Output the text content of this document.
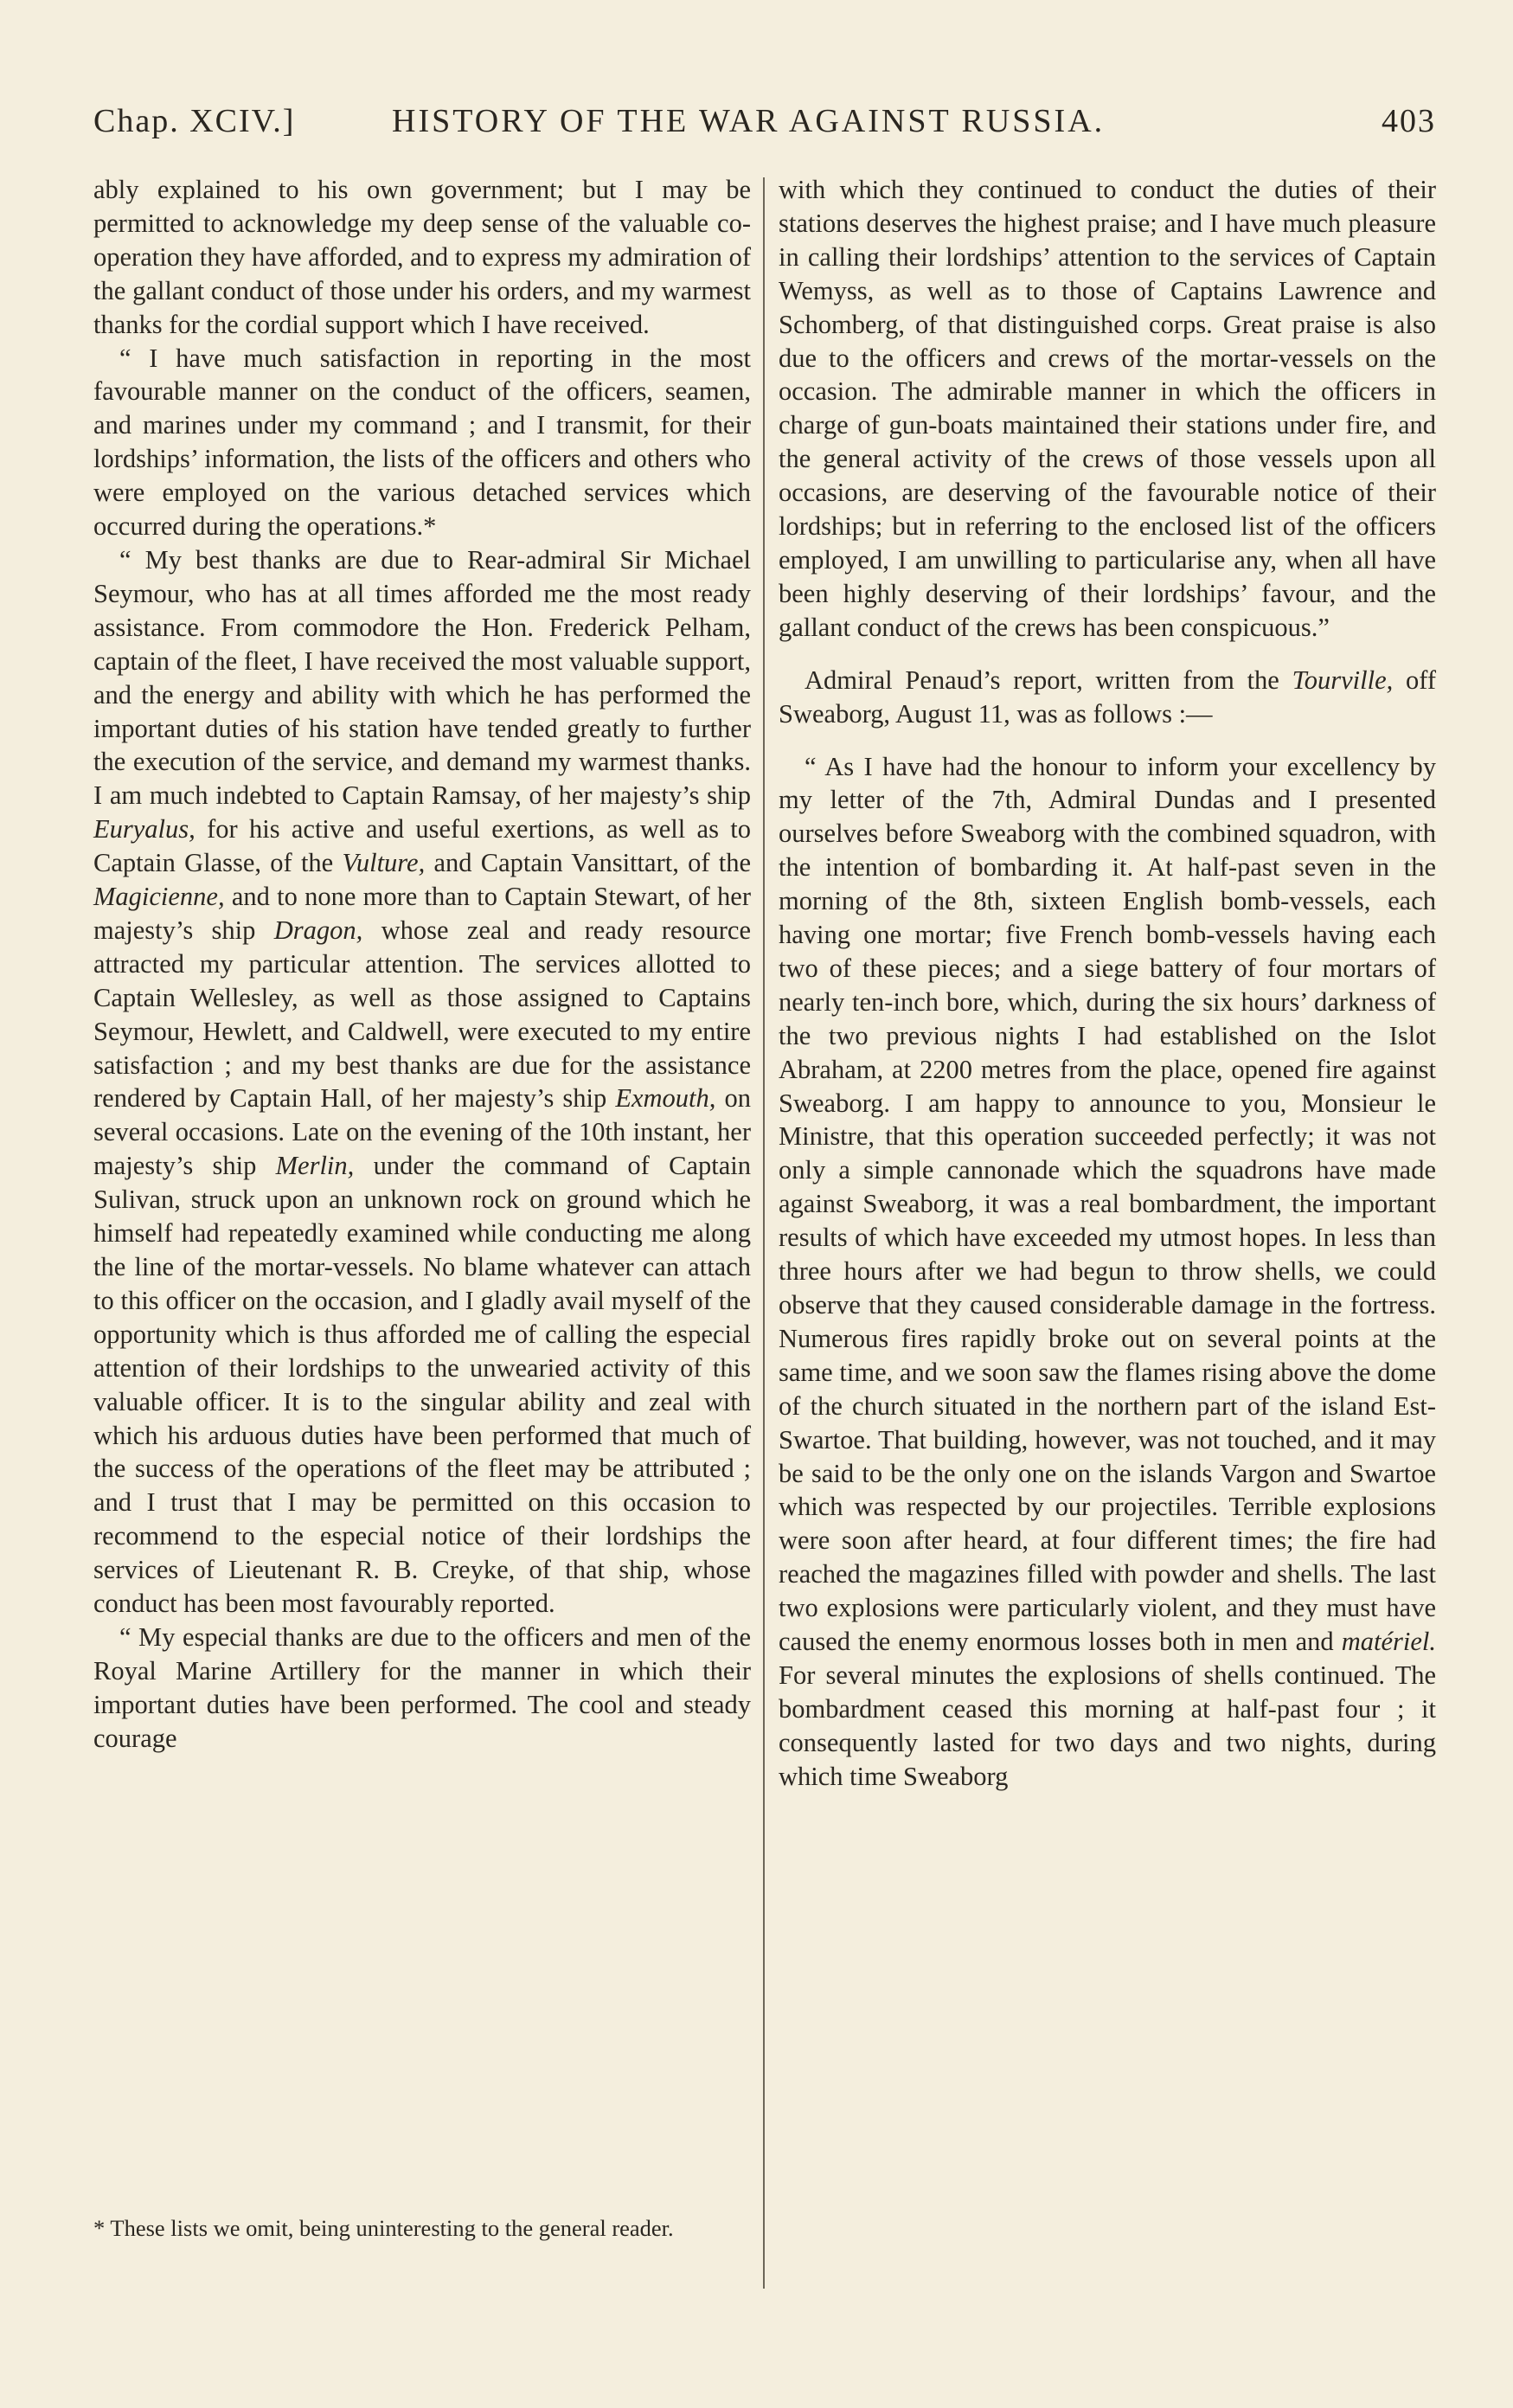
Chap. XCIV.]	HISTORY OF THE WAR AGAINST RUSSIA.	403

ably explained to his own government; but I may be permitted to acknowledge my deep sense of the valuable co-operation they have afforded, and to express my admiration of the gallant conduct of those under his orders, and my warmest thanks for the cordial support which I have received.

“ I have much satisfaction in reporting in the most favourable manner on the conduct of the officers, seamen, and marines under my command ; and I transmit, for their lordships’ information, the lists of the officers and others who were employed on the various detached services which occurred during the operations.*

“ My best thanks are due to Rear-admiral Sir Michael Seymour, who has at all times afforded me the most ready assistance. From commodore the Hon. Frederick Pelham, captain of the fleet, I have received the most valuable support, and the energy and ability with which he has performed the important duties of his station have tended greatly to further the execution of the service, and demand my warmest thanks. I am much indebted to Captain Ramsay, of her majesty’s ship Euryalus, for his active and useful exertions, as well as to Captain Glasse, of the Vulture, and Captain Vansittart, of the Magicienne, and to none more than to Captain Stewart, of her majesty’s ship Dragon, whose zeal and ready resource attracted my particular attention. The services allotted to Captain Wellesley, as well as those assigned to Captains Seymour, Hewlett, and Caldwell, were executed to my entire satisfaction ; and my best thanks are due for the assistance rendered by Captain Hall, of her majesty’s ship Exmouth, on several occasions. Late on the evening of the 10th instant, her majesty’s ship Merlin, under the command of Captain Sulivan, struck upon an unknown rock on ground which he himself had repeatedly examined while conducting me along the line of the mortar-vessels. No blame whatever can attach to this officer on the occasion, and I gladly avail myself of the opportunity which is thus afforded me of calling the especial attention of their lordships to the unwearied activity of this valuable officer. It is to the singular ability and zeal with which his arduous duties have been performed that much of the success of the operations of the fleet may be attributed ; and I trust that I may be permitted on this occasion to recommend to the especial notice of their lordships the services of Lieutenant R. B. Creyke, of that ship, whose conduct has been most favourably reported.

“ My especial thanks are due to the officers and men of the Royal Marine Artillery for the manner in which their important duties have been performed. The cool and steady courage

* These lists we omit, being uninteresting to the general reader.

with which they continued to conduct the duties of their stations deserves the highest praise; and I have much pleasure in calling their lordships’ attention to the services of Captain Wemyss, as well as to those of Captains Lawrence and Schomberg, of that distinguished corps. Great praise is also due to the officers and crews of the mortar-vessels on the occasion. The admirable manner in which the officers in charge of gun-boats maintained their stations under fire, and the general activity of the crews of those vessels upon all occasions, are deserving of the favourable notice of their lordships; but in referring to the enclosed list of the officers employed, I am unwilling to particularise any, when all have been highly deserving of their lordships’ favour, and the gallant conduct of the crews has been conspicuous.”

Admiral Penaud’s report, written from the Tourville, off Sweaborg, August 11, was as follows :—

“ As I have had the honour to inform your excellency by my letter of the 7th, Admiral Dundas and I presented ourselves before Sweaborg with the combined squadron, with the intention of bombarding it. At half-past seven in the morning of the 8th, sixteen English bomb-vessels, each having one mortar; five French bomb-vessels having each two of these pieces; and a siege battery of four mortars of nearly ten-inch bore, which, during the six hours’ darkness of the two previous nights I had established on the Islot Abraham, at 2200 metres from the place, opened fire against Sweaborg. I am happy to announce to you, Monsieur le Ministre, that this operation succeeded perfectly; it was not only a simple cannonade which the squadrons have made against Sweaborg, it was a real bombardment, the important results of which have exceeded my utmost hopes. In less than three hours after we had begun to throw shells, we could observe that they caused considerable damage in the fortress. Numerous fires rapidly broke out on several points at the same time, and we soon saw the flames rising above the dome of the church situated in the northern part of the island Est-Swartoe. That building, however, was not touched, and it may be said to be the only one on the islands Vargon and Swartoe which was respected by our projectiles. Terrible explosions were soon after heard, at four different times; the fire had reached the magazines filled with powder and shells. The last two explosions were particularly violent, and they must have caused the enemy enormous losses both in men and matériel. For several minutes the explosions of shells continued. The bombardment ceased this morning at half-past four ; it consequently lasted for two days and two nights, during which time Sweaborg
